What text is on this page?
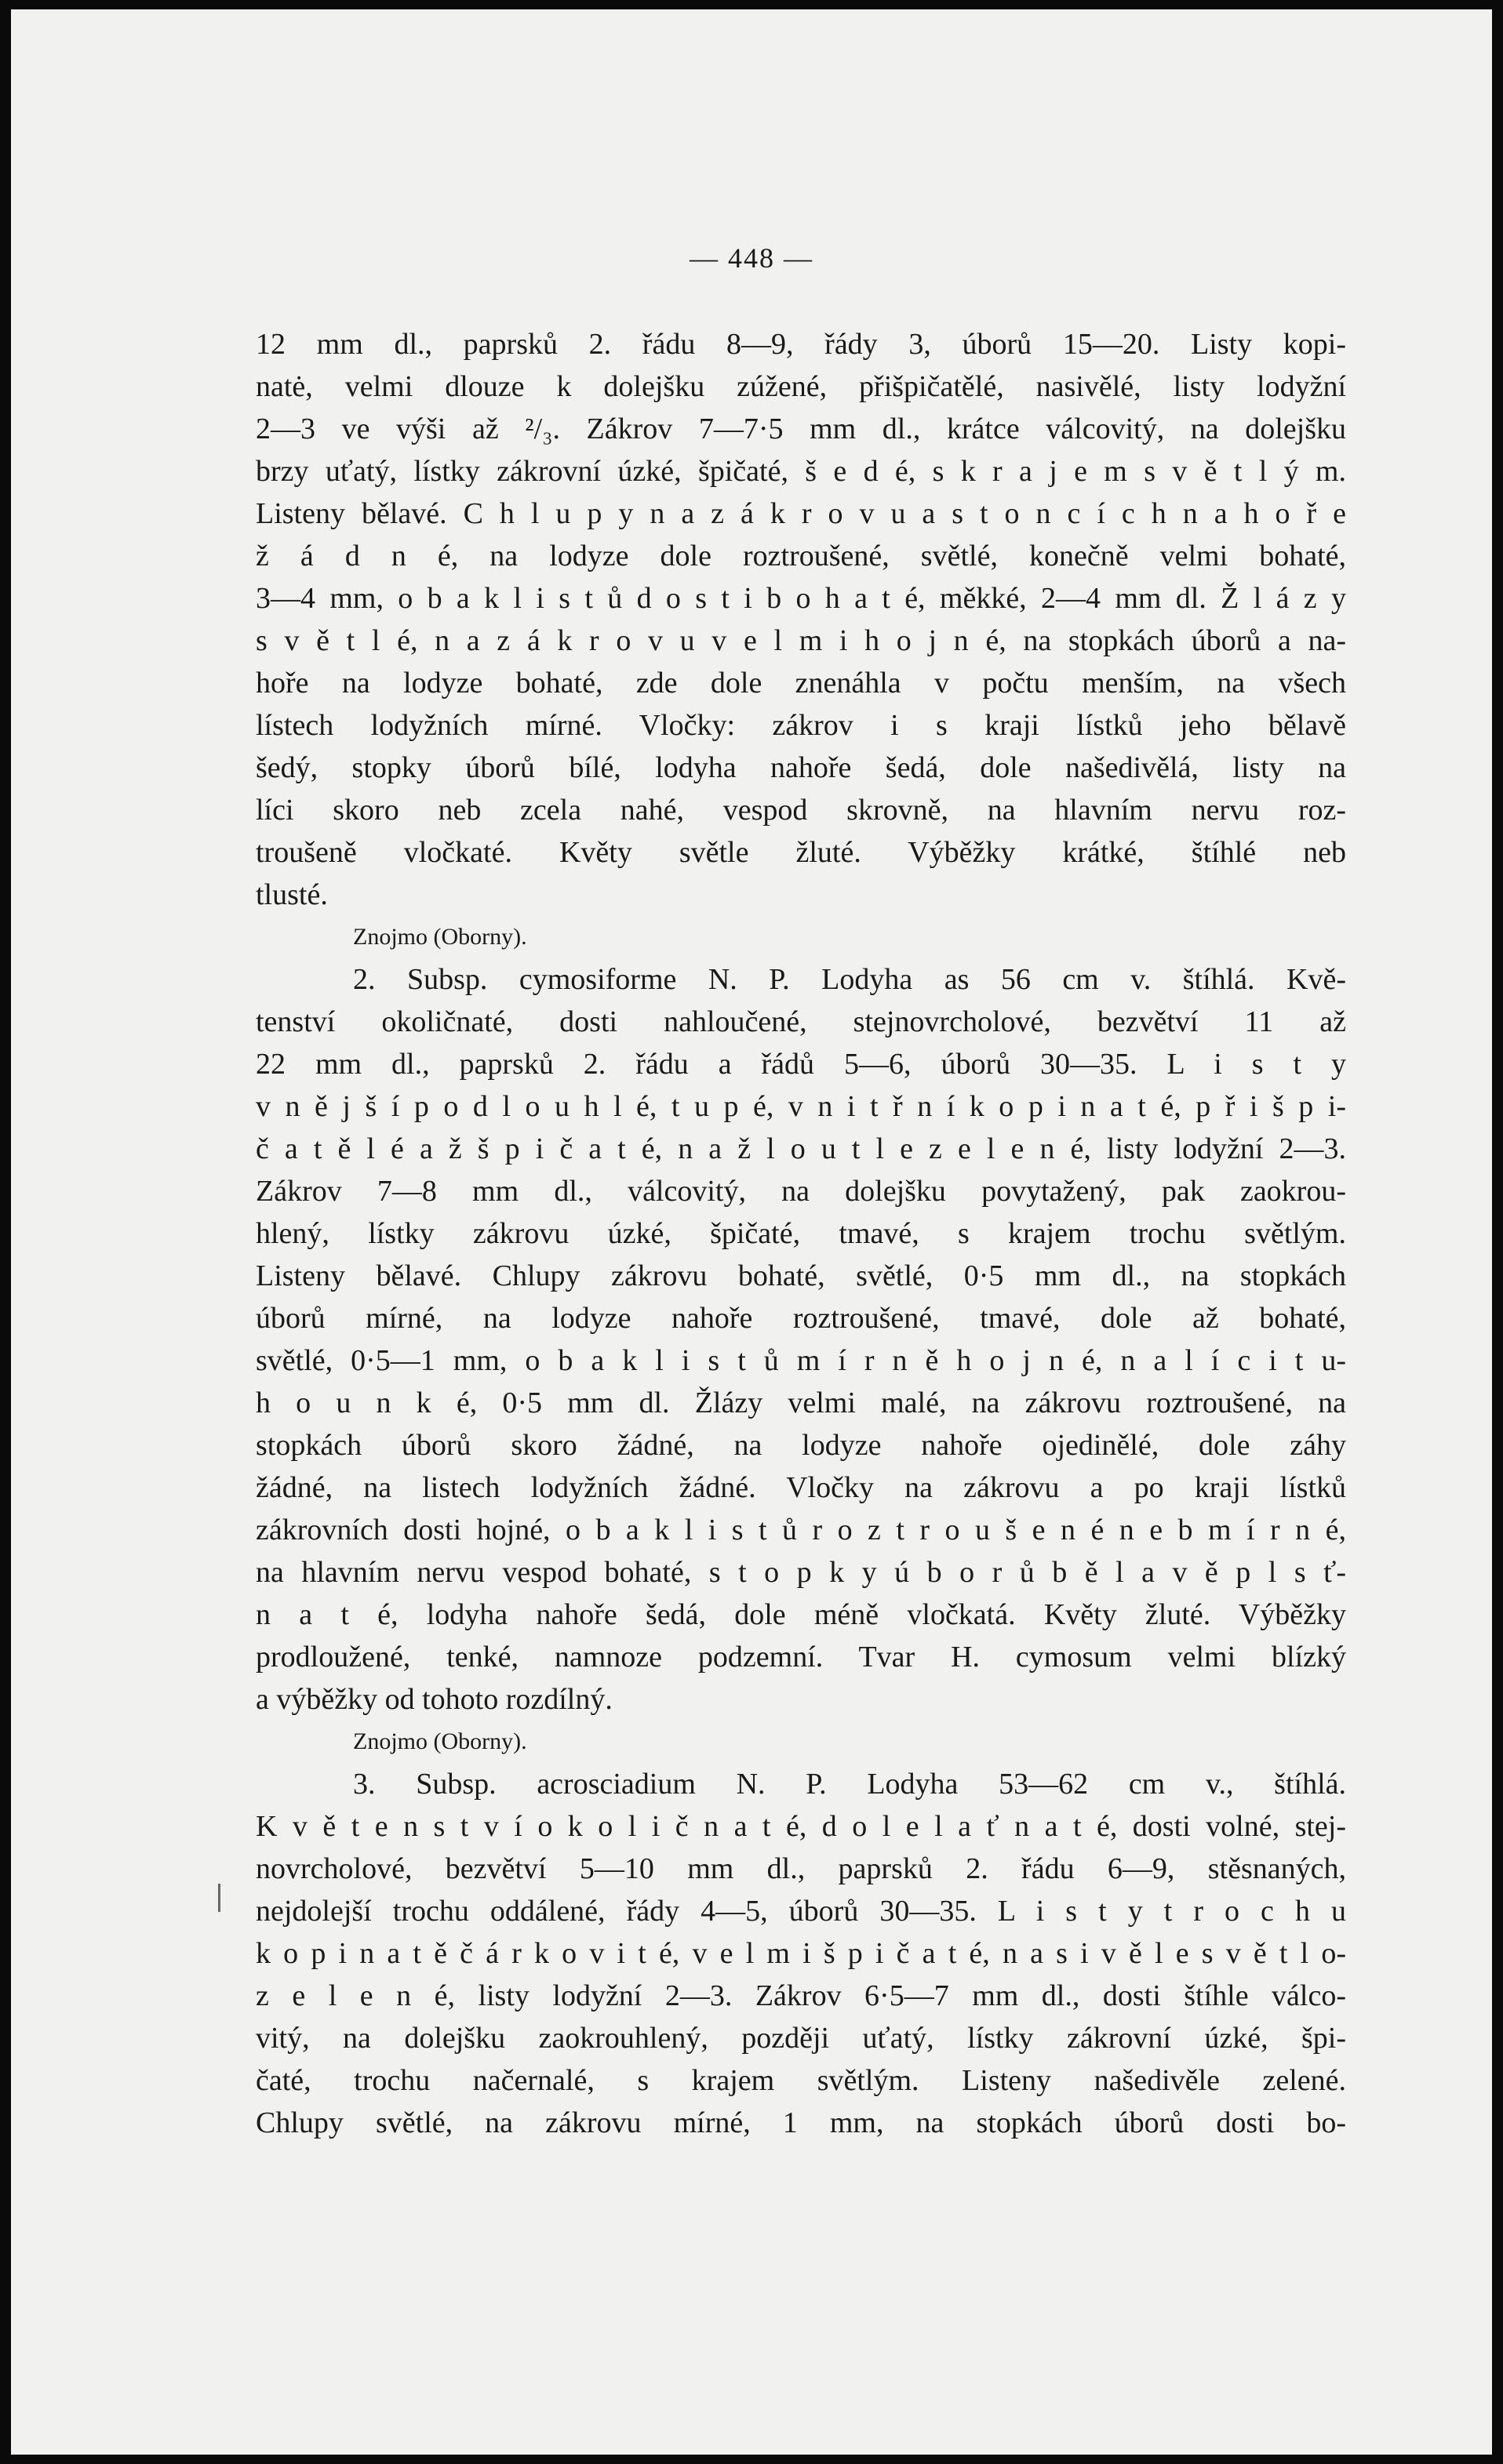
— 448 —
12 mm dl., paprsků 2. řádu 8—9, řády 3, úborů 15—20. Listy kopi-
natė, velmi dlouze k dolejšku zúžené, přišpičatělé, nasivělé, listy lodyžní
2—3 ve výši až ²/₃. Zákrov 7—7·5 mm dl., krátce válcovitý, na dolejšku
brzy uťatý, lístky zákrovní úzké, špičaté, š e d é, s k r a j e m s v ě t l ý m.
Listeny bělavé. C h l u p y n a z á k r o v u a s t o n c í c h n a h o ř e
ž á d n é, na lodyze dole roztroušené, světlé, konečně velmi bohaté,
3—4 mm, o b a k l i s t ů d o s t i b o h a t é, měkké, 2—4 mm dl. Ž l á z y
s v ě t l é, n a z á k r o v u v e l m i h o j n é, na stopkách úborů a na-
hoře na lodyze bohaté, zde dole znenáhla v počtu menším, na všech
lístech lodyžních mírné. Vločky: zákrov i s kraji lístků jeho bělavě
šedý, stopky úborů bílé, lodyha nahoře šedá, dole našedivělá, listy na
líci skoro neb zcela nahé, vespod skrovně, na hlavním nervu roz-
troušeně vločkaté. Květy světle žluté. Výběžky krátké, štíhlé neb
tlusté.
Znojmo (Oborny).
2. Subsp. cymosiforme N. P. Lodyha as 56 cm v. štíhlá. Kvě-
tenství okoličnaté, dosti nahloučené, stejnovrcholové, bezvětví 11 až
22 mm dl., paprsků 2. řádu a řádů 5—6, úborů 30—35. L i s t y
v n ě j š í p o d l o u h l é, t u p é, v n i t ř n í k o p i n a t é, p ř i š p i-
č a t ě l é a ž š p i č a t é, n a ž l o u t l e z e l e n é, listy lodyžní 2—3.
Zákrov 7—8 mm dl., válcovitý, na dolejšku povytažený, pak zaokrou-
hlený, lístky zákrovu úzké, špičaté, tmavé, s krajem trochu světlým.
Listeny bělavé. Chlupy zákrovu bohaté, světlé, 0·5 mm dl., na stopkách
úborů mírné, na lodyze nahoře roztroušené, tmavé, dole až bohaté,
světlé, 0·5—1 mm, o b a k l i s t ů m í r n ě h o j n é, n a l í c i t u-
h o u n k é, 0·5 mm dl. Žlázy velmi malé, na zákrovu roztroušené, na
stopkách úborů skoro žádné, na lodyze nahoře ojedinělé, dole záhy
žádné, na listech lodyžních žádné. Vločky na zákrovu a po kraji lístků
zákrovních dosti hojné, o b a k l i s t ů r o z t r o u š e n é n e b m í r n é,
na hlavním nervu vespod bohaté, s t o p k y ú b o r ů b ě l a v ě p l s ť-
n a t é, lodyha nahoře šedá, dole méně vločkatá. Květy žluté. Výběžky
prodloužené, tenké, namnoze podzemní. Tvar H. cymosum velmi blízký
a výběžky od tohoto rozdílný.
Znojmo (Oborny).
3. Subsp. acrosciadium N. P. Lodyha 53—62 cm v., štíhlá.
K v ě t e n s t v í o k o l i č n a t é, d o l e l a ť n a t é, dosti volné, stej-
novrcholové, bezvětví 5—10 mm dl., paprsků 2. řádu 6—9, stěsnaných,
nejdolejší trochu oddálené, řády 4—5, úborů 30—35. L i s t y t r o c h u
k o p i n a t ě č á r k o v i t é, v e l m i š p i č a t é, n a s i v ě l e s v ě t l o-
z e l e n é, listy lodyžní 2—3. Zákrov 6·5—7 mm dl., dosti štíhle válco-
vitý, na dolejšku zaokrouhlený, později uťatý, lístky zákrovní úzké, špi-
čaté, trochu načernalé, s krajem světlým. Listeny našedivěle zelené.
Chlupy světlé, na zákrovu mírné, 1 mm, na stopkách úborů dosti bo-
